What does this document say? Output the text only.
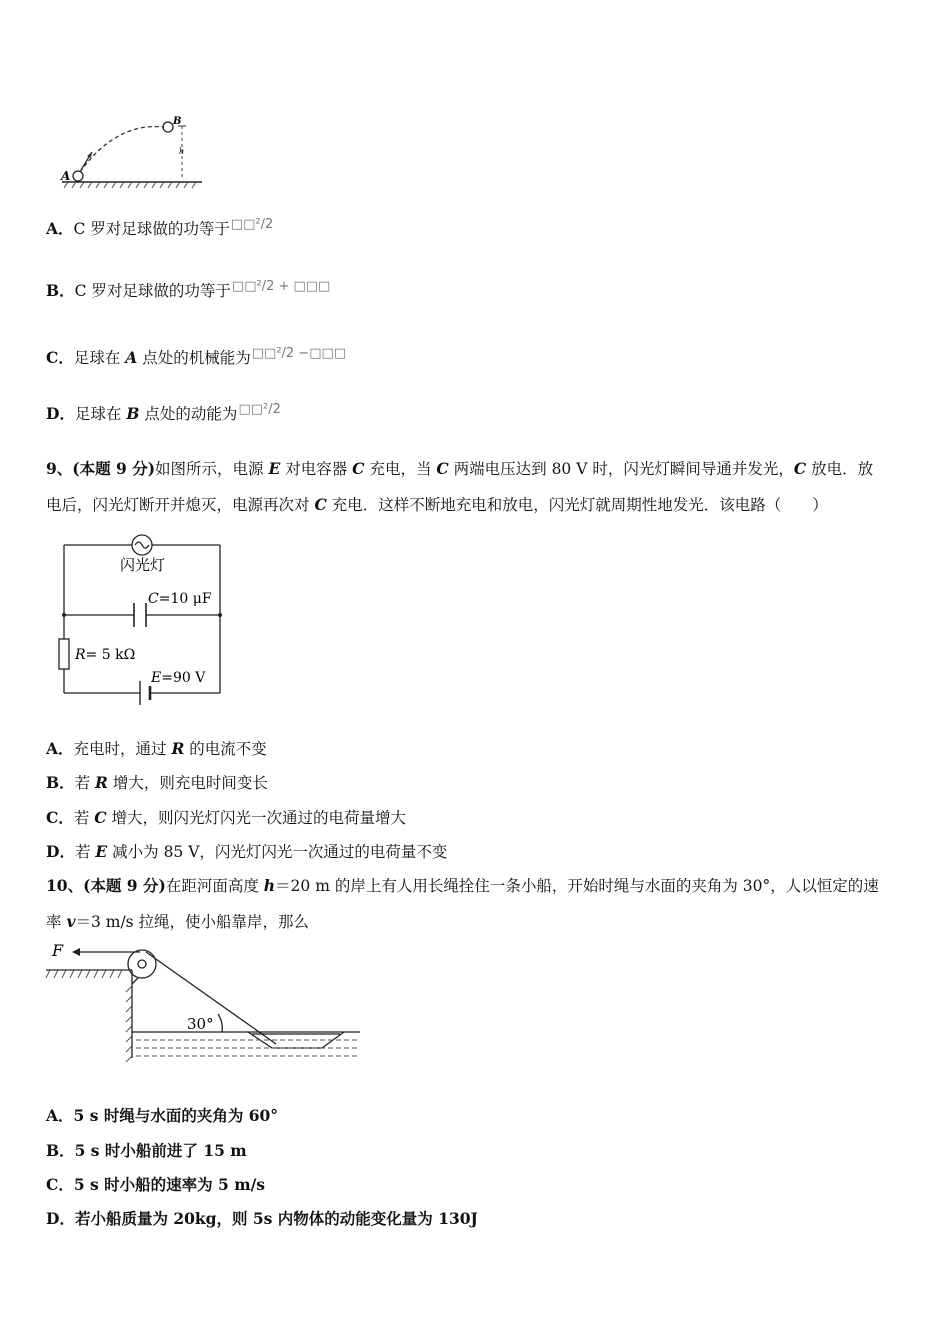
A
B
h
A．C 罗对足球做的功等于$^{□□^2/2}$
B．C 罗对足球做的功等于$^{□□^2/2 + □□□}$
C．足球在 A 点处的机械能为$^{□□^2/2 -□□□}$
D．足球在 B 点处的动能为$^{□□^2/2}$
9、(本题 9 分)如图所示，电源 E 对电容器 C 充电，当 C 两端电压达到 80 V 时，闪光灯瞬间导通并发光，C 放电．放
电后，闪光灯断开并熄灭，电源再次对 C 充电．这样不断地充电和放电，闪光灯就周期性地发光．该电路（　　）
闪光灯
C=10 μF
R= 5 kΩ
E=90 V
A．充电时，通过 R 的电流不变
B．若 R 增大，则充电时间变长
C．若 C 增大，则闪光灯闪光一次通过的电荷量增大
D．若 E 减小为 85 V，闪光灯闪光一次通过的电荷量不变
10、(本题 9 分)在距河面高度 h＝20 m 的岸上有人用长绳拴住一条小船，开始时绳与水面的夹角为 30°，人以恒定的速
率 v＝3 m/s 拉绳，使小船靠岸，那么
F
30°
A．5 s 时绳与水面的夹角为 60°
B．5 s 时小船前进了 15 m
C．5 s 时小船的速率为 5 m/s
D．若小船质量为 20kg，则 5s 内物体的动能变化量为 130J
